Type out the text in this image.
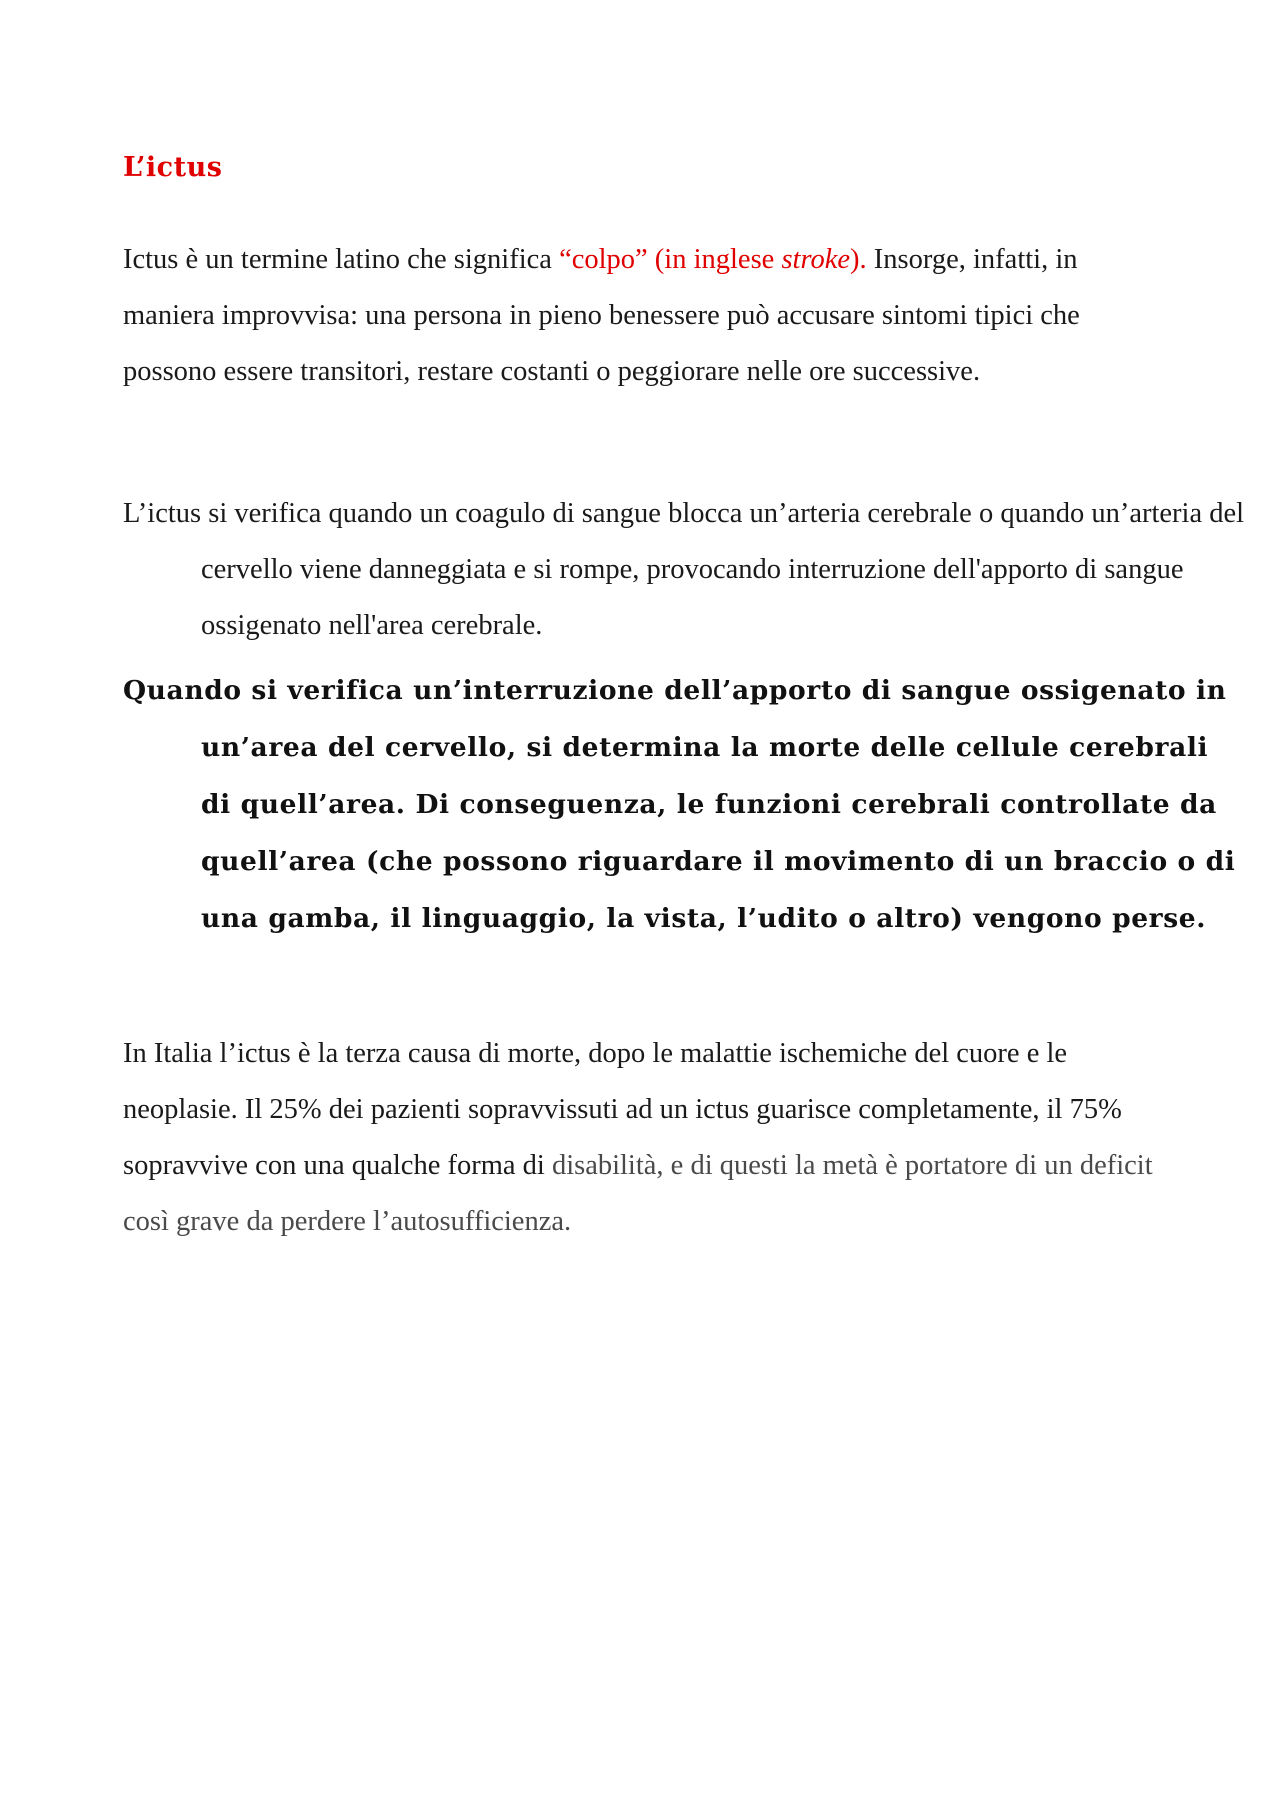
L’ictus

Ictus è un termine latino che significa “colpo” (in inglese stroke). Insorge, infatti, in maniera improvvisa: una persona in pieno benessere può accusare sintomi tipici che possono essere transitori, restare costanti o peggiorare nelle ore successive.

L’ictus si verifica quando un coagulo di sangue blocca un’arteria cerebrale o quando un’arteria del cervello viene danneggiata e si rompe, provocando interruzione dell'apporto di sangue ossigenato nell'area cerebrale.

Quando si verifica un’interruzione dell’apporto di sangue ossigenato in un’area del cervello, si determina la morte delle cellule cerebrali di quell’area. Di conseguenza, le funzioni cerebrali controllate da quell’area (che possono riguardare il movimento di un braccio o di una gamba, il linguaggio, la vista, l’udito o altro) vengono perse.

In Italia l’ictus è la terza causa di morte, dopo le malattie ischemiche del cuore e le neoplasie. Il 25% dei pazienti sopravvissuti ad un ictus guarisce completamente, il 75% sopravvive con una qualche forma di disabilità, e di questi la metà è portatore di un deficit così grave da perdere l’autosufficienza.
